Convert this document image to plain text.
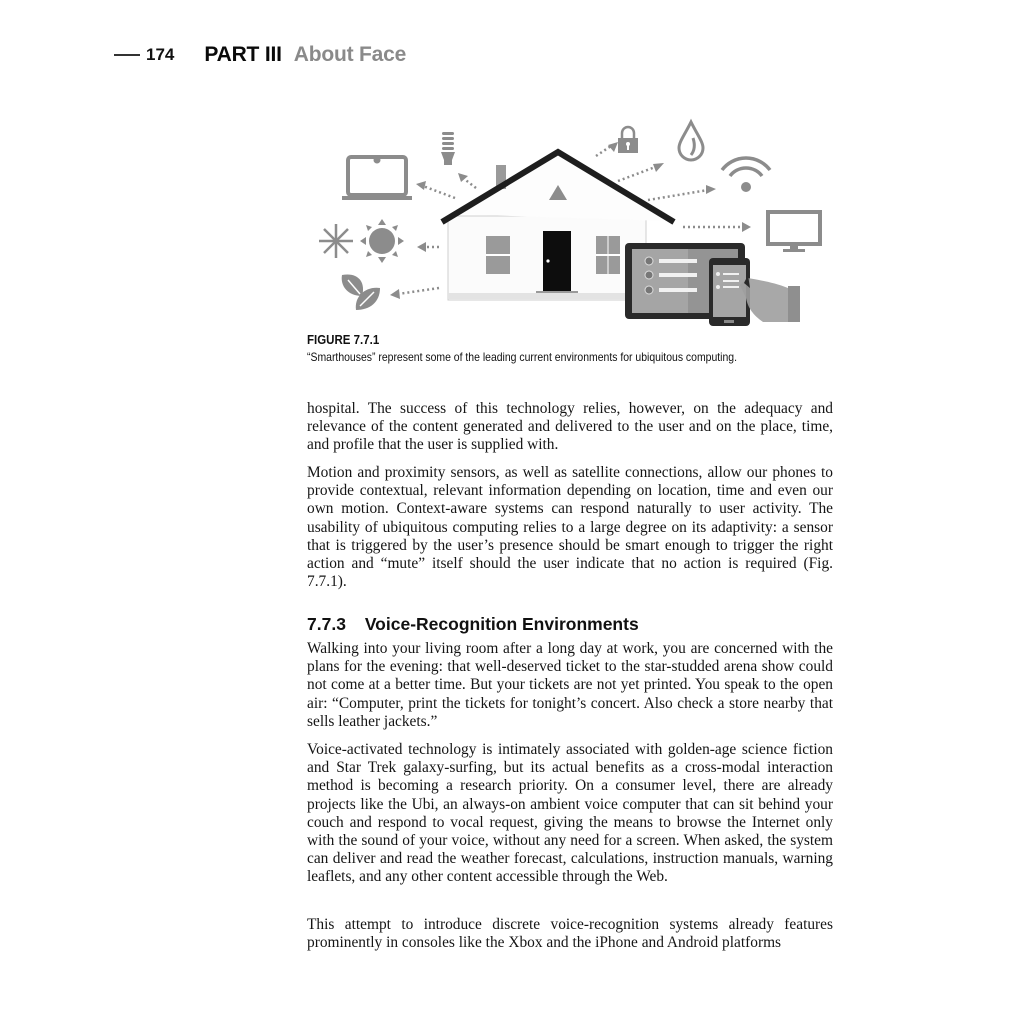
174 PART III About Face
FIGURE 7.7.1
“Smarthouses” represent some of the leading current environments for ubiquitous computing.

hospital. The success of this technology relies, however, on the adequacy and relevance of the content generated and delivered to the user and on the place, time, and profile that the user is supplied with.

Motion and proximity sensors, as well as satellite connections, allow our phones to provide contextual, relevant information depending on location, time and even our own motion. Context-aware systems can respond naturally to user activity. The usability of ubiquitous computing relies to a large degree on its adaptivity: a sensor that is triggered by the user’s presence should be smart enough to trigger the right action and “mute” itself should the user indicate that no action is required (Fig. 7.7.1).

7.7.3 Voice-Recognition Environments

Walking into your living room after a long day at work, you are concerned with the plans for the evening: that well-deserved ticket to the star-studded arena show could not come at a better time. But your tickets are not yet printed. You speak to the open air: “Computer, print the tickets for tonight’s concert. Also check a store nearby that sells leather jackets.”

Voice-activated technology is intimately associated with golden-age science fiction and Star Trek galaxy-surfing, but its actual benefits as a cross-modal interaction method is becoming a research priority. On a consumer level, there are already projects like the Ubi, an always-on ambient voice computer that can sit behind your couch and respond to vocal request, giving the means to browse the Internet only with the sound of your voice, without any need for a screen. When asked, the system can deliver and read the weather forecast, calculations, instruction manuals, warning leaflets, and any other content accessible through the Web.

This attempt to introduce discrete voice-recognition systems already features prominently in consoles like the Xbox and the iPhone and Android platforms
